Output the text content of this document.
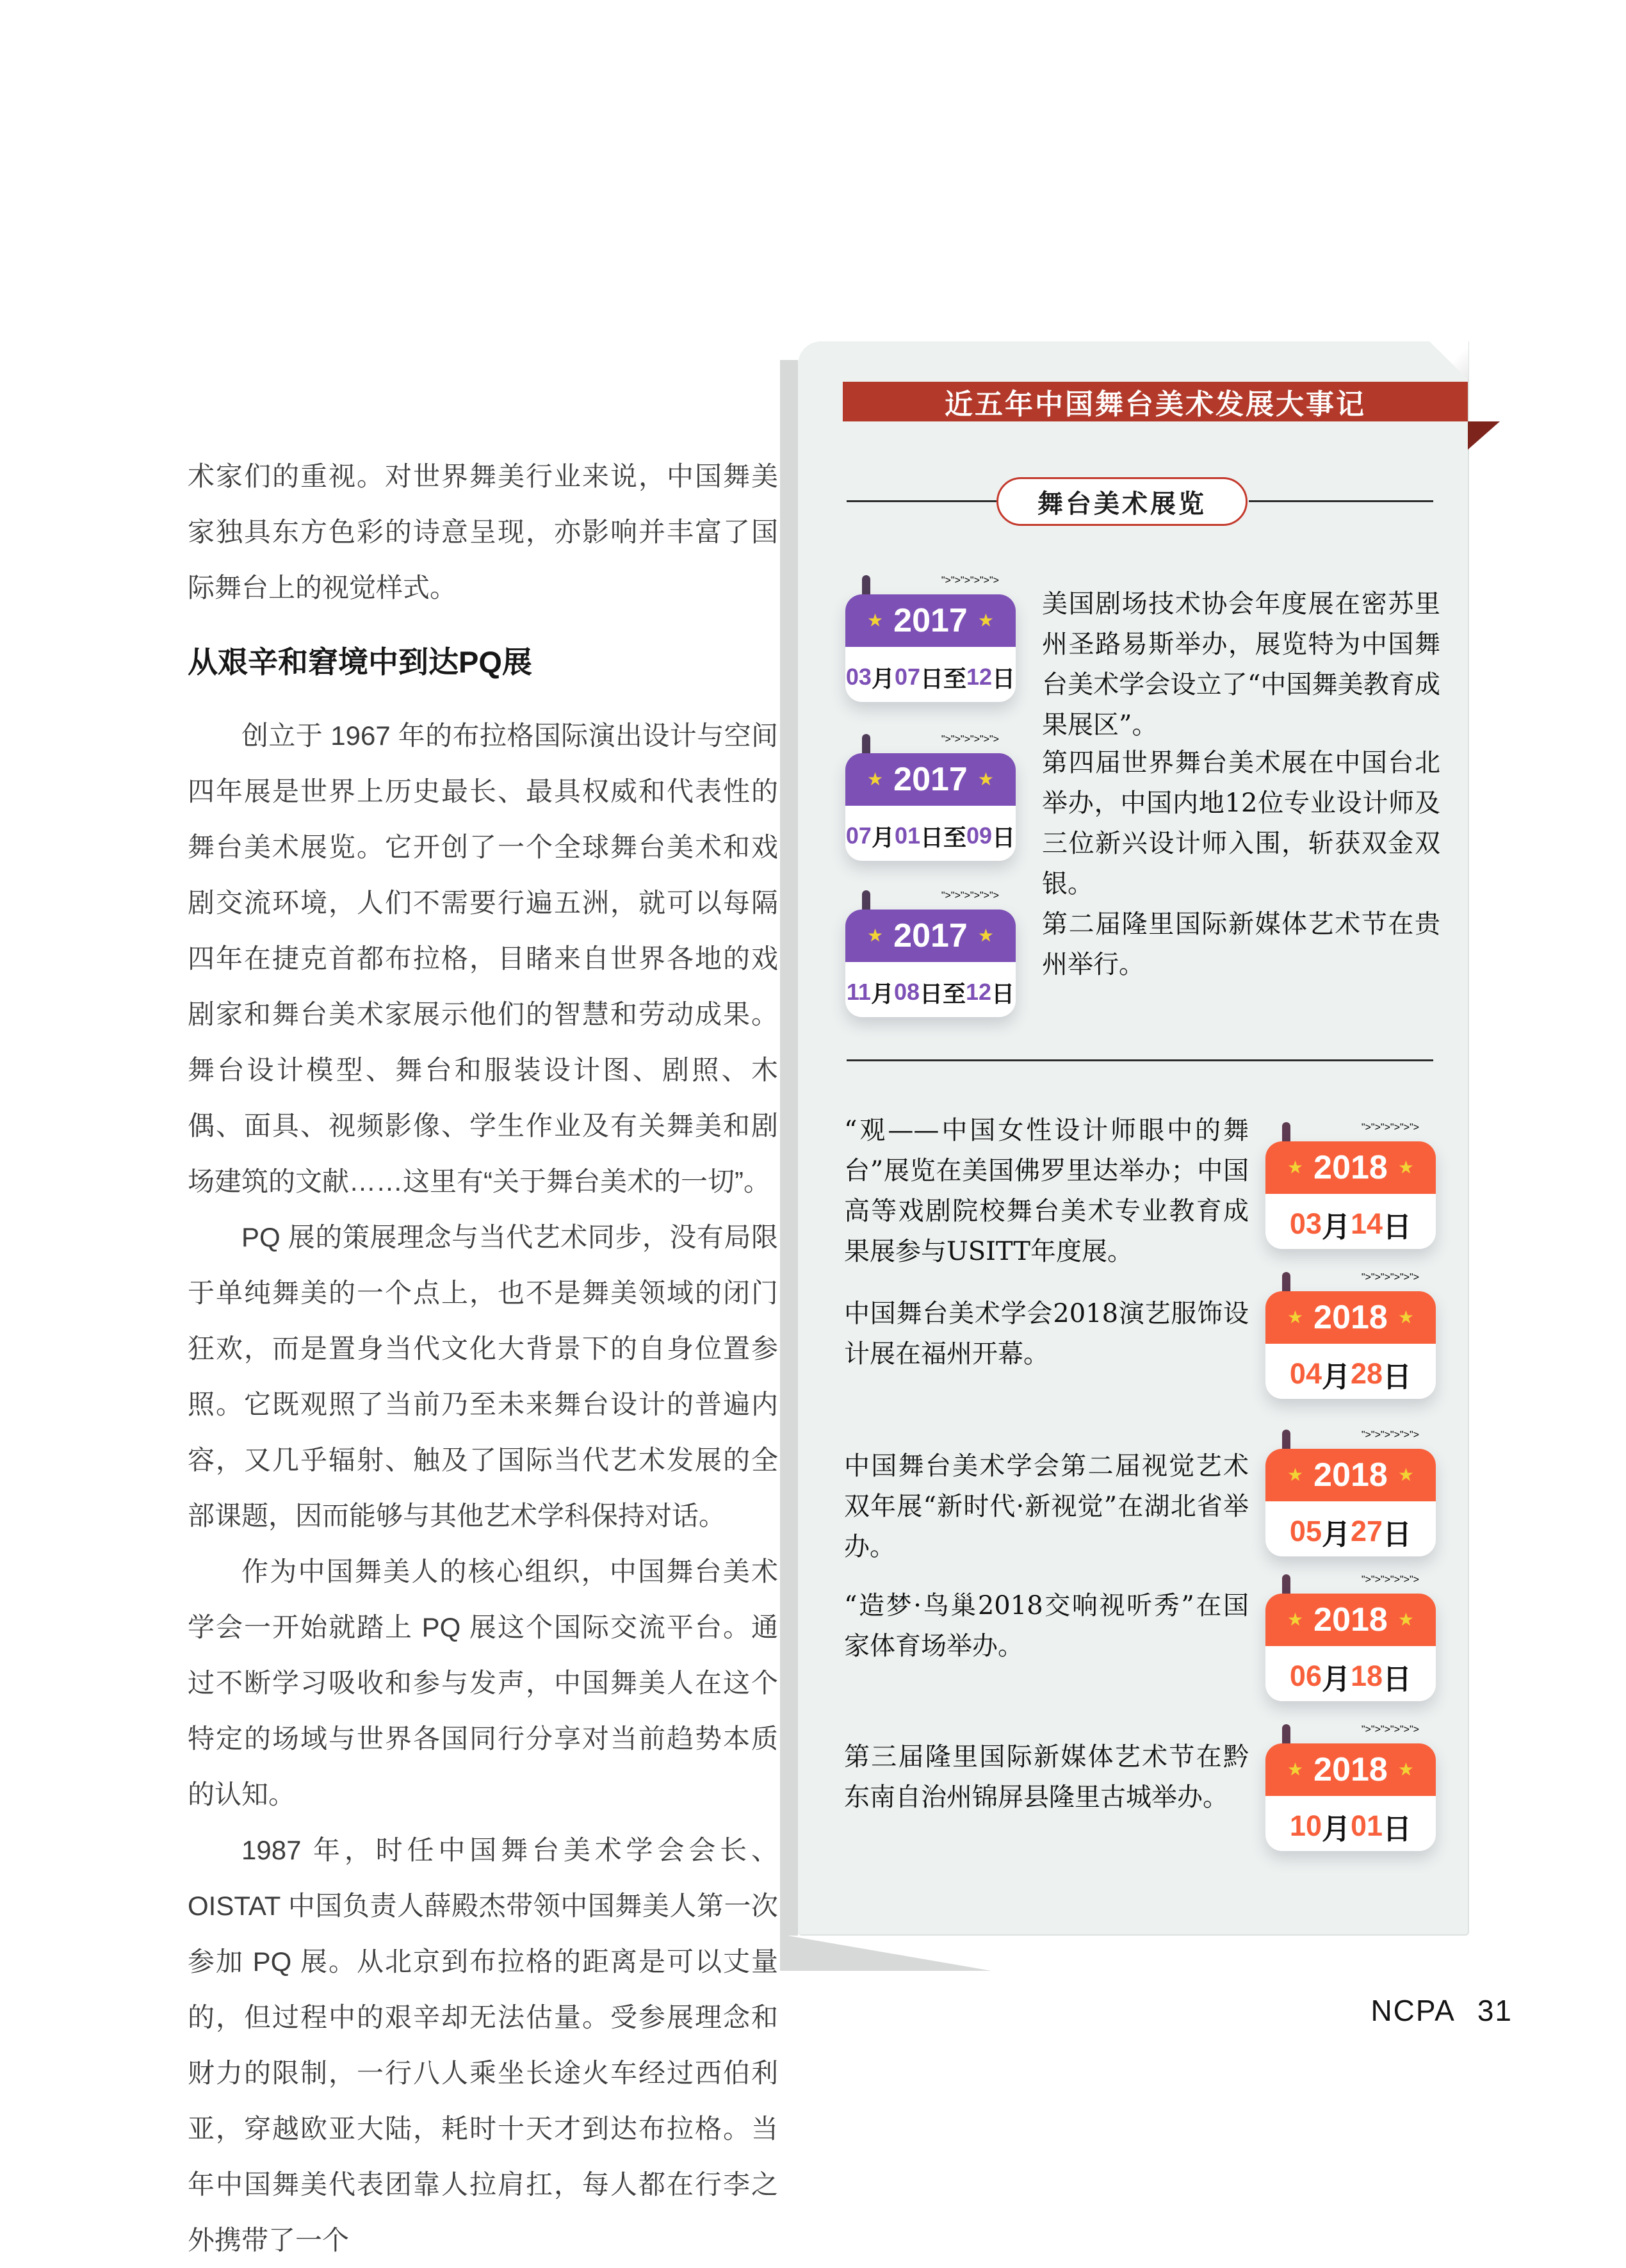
术家们的重视。对世界舞美行业来说，中国舞美家独具东方色彩的诗意呈现，亦影响并丰富了国际舞台上的视觉样式。

从艰辛和窘境中到达PQ展

创立于 1967 年的布拉格国际演出设计与空间四年展是世界上历史最长、最具权威和代表性的舞台美术展览。它开创了一个全球舞台美术和戏剧交流环境，人们不需要行遍五洲，就可以每隔四年在捷克首都布拉格，目睹来自世界各地的戏剧家和舞台美术家展示他们的智慧和劳动成果。舞台设计模型、舞台和服装设计图、剧照、木偶、面具、视频影像、学生作业及有关舞美和剧场建筑的文献……这里有“关于舞台美术的一切”。

PQ 展的策展理念与当代艺术同步，没有局限于单纯舞美的一个点上，也不是舞美领域的闭门狂欢，而是置身当代文化大背景下的自身位置参照。它既观照了当前乃至未来舞台设计的普遍内容，又几乎辐射、触及了国际当代艺术发展的全部课题，因而能够与其他艺术学科保持对话。

作为中国舞美人的核心组织，中国舞台美术学会一开始就踏上 PQ 展这个国际交流平台。通过不断学习吸收和参与发声，中国舞美人在这个特定的场域与世界各国同行分享对当前趋势本质的认知。

1987 年，时任中国舞台美术学会会长、OISTAT 中国负责人薛殿杰带领中国舞美人第一次参加 PQ 展。从北京到布拉格的距离是可以丈量的，但过程中的艰辛却无法估量。受参展理念和财力的限制，一行八人乘坐长途火车经过西伯利亚，穿越欧亚大陆，耗时十天才到达布拉格。当年中国舞美代表团靠人拉肩扛，每人都在行李之外携带了一个

近五年中国舞台美术发展大事记
舞台美术展览
">">">">">">
★ 2017 ★
03 月 07 日至 12 日
美国剧场技术协会年度展在密苏里州圣路易斯举办，展览特为中国舞台美术学会设立了“中国舞美教育成果展区”。
">">">">">">
★ 2017 ★
07 月 01 日至 09 日
第四届世界舞台美术展在中国台北举办，中国内地12位专业设计师及三位新兴设计师入围，斩获双金双银。
">">">">">">
★ 2017 ★
11 月 08 日至 12 日
第二届隆里国际新媒体艺术节在贵州举行。
">">">">">">
★ 2018 ★
03 月 14 日
“观——中国女性设计师眼中的舞台”展览在美国佛罗里达举办；中国高等戏剧院校舞台美术专业教育成果展参与USITT年度展。
">">">">">">
★ 2018 ★
04 月 28 日
中国舞台美术学会2018演艺服饰设计展在福州开幕。
">">">">">">
★ 2018 ★
05 月 27 日
中国舞台美术学会第二届视觉艺术双年展“新时代·新视觉”在湖北省举办。
">">">">">">
★ 2018 ★
06 月 18 日
“造梦·鸟巢2018交响视听秀”在国家体育场举办。
">">">">">">
★ 2018 ★
10 月 01 日
第三届隆里国际新媒体艺术节在黔东南自治州锦屏县隆里古城举办。
NCPA 31
